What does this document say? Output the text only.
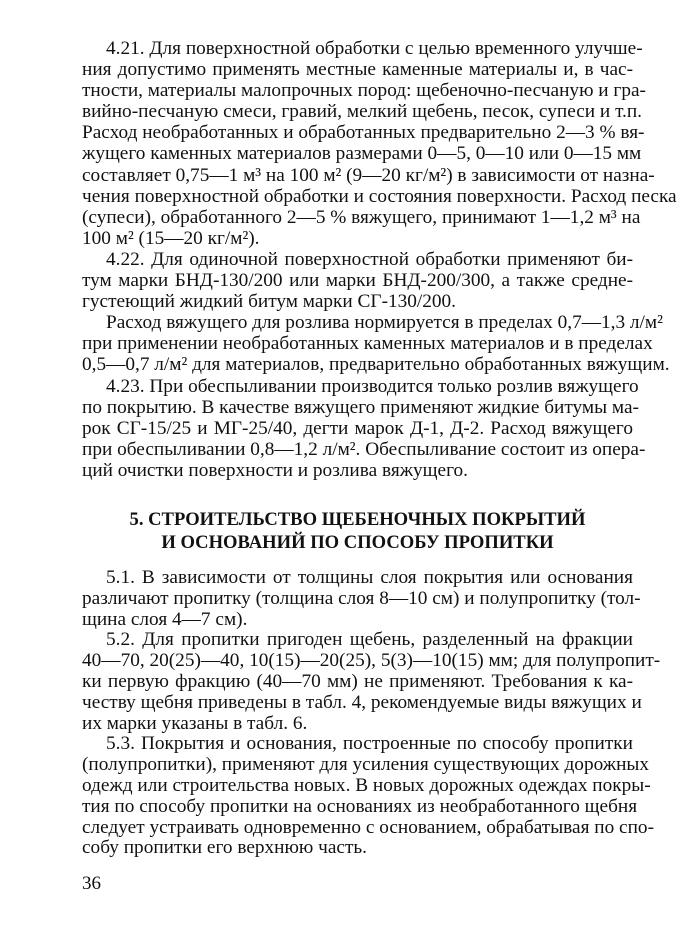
4.21. Для поверхностной обработки с целью временного улучше-
ния допустимо применять местные каменные материалы и, в час-
тности, материалы малопрочных пород: щебеночно-песчаную и гра-
вийно-песчаную смеси, гравий, мелкий щебень, песок, супеси и т.п.
Расход необработанных и обработанных предварительно 2—3 % вя-
жущего каменных материалов размерами 0—5, 0—10 или 0—15 мм
составляет 0,75—1 м³ на 100 м² (9—20 кг/м²) в зависимости от назна-
чения поверхностной обработки и состояния поверхности. Расход песка
(супеси), обработанного 2—5 % вяжущего, принимают 1—1,2 м³ на
100 м² (15—20 кг/м²).
4.22. Для одиночной поверхностной обработки применяют би-
тум марки БНД-130/200 или марки БНД-200/300, а также средне-
густеющий жидкий битум марки СГ-130/200.
Расход вяжущего для розлива нормируется в пределах 0,7—1,3 л/м²
при применении необработанных каменных материалов и в пределах
0,5—0,7 л/м² для материалов, предварительно обработанных вяжущим.
4.23. При обеспыливании производится только розлив вяжущего
по покрытию. В качестве вяжущего применяют жидкие битумы ма-
рок СГ-15/25 и МГ-25/40, дегти марок Д-1, Д-2. Расход вяжущего
при обеспыливании 0,8—1,2 л/м². Обеспыливание состоит из опера-
ций очистки поверхности и розлива вяжущего.
5. СТРОИТЕЛЬСТВО ЩЕБЕНОЧНЫХ ПОКРЫТИЙ
И ОСНОВАНИЙ ПО СПОСОБУ ПРОПИТКИ
5.1. В зависимости от толщины слоя покрытия или основания
различают пропитку (толщина слоя 8—10 см) и полупропитку (тол-
щина слоя 4—7 см).
5.2. Для пропитки пригоден щебень, разделенный на фракции
40—70, 20(25)—40, 10(15)—20(25), 5(3)—10(15) мм; для полупропит-
ки первую фракцию (40—70 мм) не применяют. Требования к ка-
честву щебня приведены в табл. 4, рекомендуемые виды вяжущих и
их марки указаны в табл. 6.
5.3. Покрытия и основания, построенные по способу пропитки
(полупропитки), применяют для усиления существующих дорожных
одежд или строительства новых. В новых дорожных одеждах покры-
тия по способу пропитки на основаниях из необработанного щебня
следует устраивать одновременно с основанием, обрабатывая по спо-
собу пропитки его верхнюю часть.
36
